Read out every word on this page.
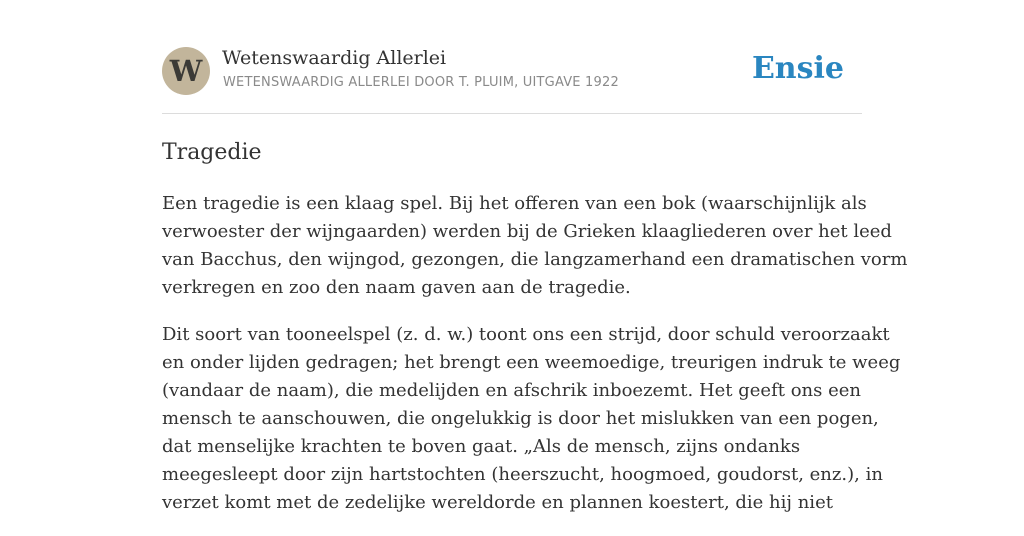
W	Wetenswaardig Allerlei
WETENSWAARDIG ALLERLEI DOOR T. PLUIM, UITGAVE 1922	Ensie
Tragedie

Een tragedie is een klaag spel. Bij het offeren van een bok (waarschijnlijk als
verwoester der wijngaarden) werden bij de Grieken klaagliederen over het leed
van Bacchus, den wijngod, gezongen, die langzamerhand een dramatischen vorm
verkregen en zoo den naam gaven aan de tragedie.

Dit soort van tooneelspel (z. d. w.) toont ons een strijd, door schuld veroorzaakt
en onder lijden gedragen; het brengt een weemoedige, treurigen indruk te weeg
(vandaar de naam), die medelijden en afschrik inboezemt. Het geeft ons een
mensch te aanschouwen, die ongelukkig is door het mislukken van een pogen,
dat menselijke krachten te boven gaat. „Als de mensch, zijns ondanks
meegesleept door zijn hartstochten (heerszucht, hoogmoed, goudorst, enz.), in
verzet komt met de zedelijke wereldorde en plannen koestert, die hij niet
